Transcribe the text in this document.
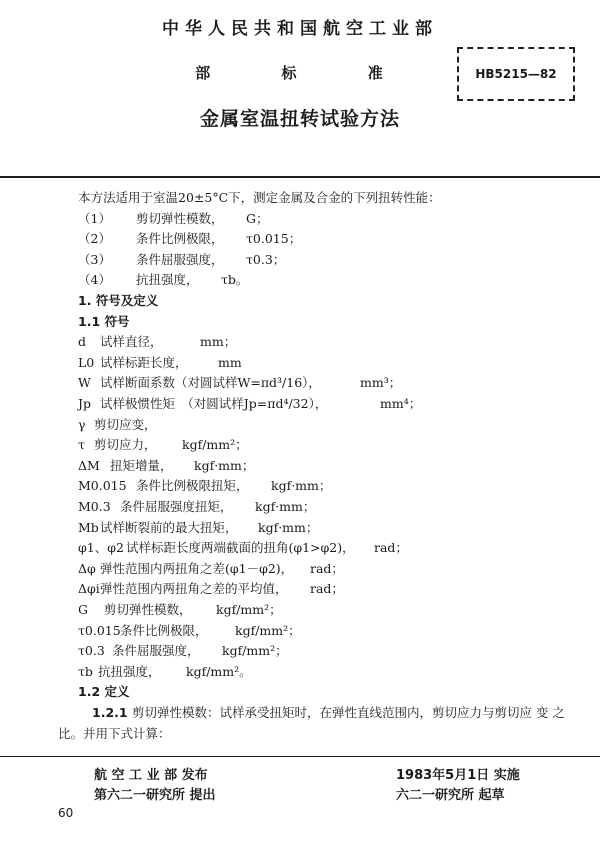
中华人民共和国航空工业部
部 标 准
金属室温扭转试验方法
HB5215—82
本方法适用于室温20±5°C下，测定金属及合金的下列扭转性能：
（1） 剪切弹性模数， G；
（2） 条件比例极限， τ0.015；
（3） 条件屈服强度， τ0.3；
（4） 抗扭强度， τb。
1. 符号及定义
1.1 符号
d 试样直径，	mm；
L0 试样标距长度， mm
W 试样断面系数（对圆试样W=πd³/16），	mm³；
Jp 试样极惯性矩　（对圆试样Jp=πd⁴/32），	mm⁴；
γ 剪切应变，
τ 剪切应力， kgf/mm²；
ΔM 扭矩增量， kgf·mm；
M0.015 条件比例极限扭矩， kgf·mm；
M0.3 条件屈服强度扭矩， kgf·mm；
Mb试样断裂前的最大扭矩， kgf·mm；
φ1、φ2 试样标距长度两端截面的扭角(φ1>φ2)， rad；
Δφ 弹性范围内两扭角之差(φ1－φ2)， rad；
Δφi弹性范围内两扭角之差的平均值， rad；
G 剪切弹性模数， kgf/mm²；
τ0.015条件比例极限， kgf/mm²；
τ0.3 条件屈服强度， kgf/mm²；
τb 抗扭强度， kgf/mm²。
1.2 定义
1.2.1 剪切弹性模数：试样承受扭矩时，在弹性直线范围内，剪切应力与剪切应 变 之
比。并用下式计算：
航 空 工 业 部 发布
第六二一研究所 提出
1983年5月1日 实施
六二一研究所 起草
60
